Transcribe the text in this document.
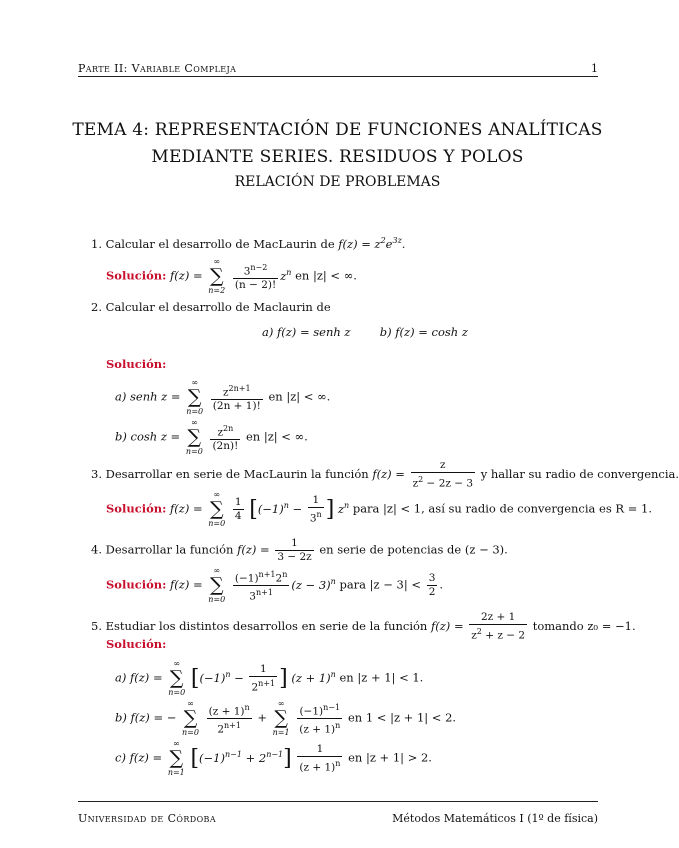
Parte II: Variable Compleja	1
TEMA 4: REPRESENTACIÓN DE FUNCIONES ANALÍTICAS
MEDIANTE SERIES. RESIDUOS Y POLOS
RELACIÓN DE PROBLEMAS
1. Calcular el desarrollo de MacLaurin de $f(z) = z^2e^{3z}$.
Solución: f(z) =
∞
∑
n=2
$\frac{3^{n-2}}{(n - 2)!} z^n$ en |z| < ∞.
2. Calcular el desarrollo de Maclaurin de
a) f(z) = senh z	b) f(z) = cosh z
Solución:
a) senh z =
∞
∑
n=0
$\frac{z^{2n+1}}{(2n + 1)!}$ en |z| < ∞.
b) cosh z =
∞
∑
n=0
$\frac{z^{2n}}{(2n)!}$ en |z| < ∞.
3. Desarrollar en serie de MacLaurin la función $f(z) = \frac{z}{z^2 - 2z - 3}$ y hallar su radio de convergencia.
Solución: f(z) =
∞
∑
n=0

$\frac{1}{4} [(-1)^n - \frac{1}{3^n}$ ] $z^n$ para |z| < 1, así su radio de convergencia es R = 1.
4. Desarrollar la función $f(z) = \frac{1}{3 - 2z}$ en serie de potencias de (z − 3).
Solución: f(z) =
∞
∑
n=0
$\frac{(-1)^{n+1}2^n}{3^{n+1}} (z - 3)^n$ para $|z - 3| < \frac{3}{2}$ .
5. Estudiar los distintos desarrollos en serie de la función $f(z) = \frac{2z + 1}{z^2 + z - 2}$ tomando z₀ = −1.
Solución:
a) f(z) =
∞
∑
n=0
[$(-1)^n - \frac{1}{2^{n+1}}$ ] $(z + 1)^n$ en |z + 1| < 1.
b) f(z) = −
∞
∑
n=0
$\frac{(z + 1)^n}{2^{n+1}}$ +
∞
∑
n=1
$\frac{(-1)^{n-1}}{(z + 1)^n}$ en 1 < |z + 1| < 2.
c) f(z) =
∞
∑
n=1
$[(-1)^{n-1} + 2^{n-1}] \frac{1}{(z + 1)^n}$ en |z + 1| > 2.
Universidad de Córdoba	Métodos Matemáticos I (1º de física)
